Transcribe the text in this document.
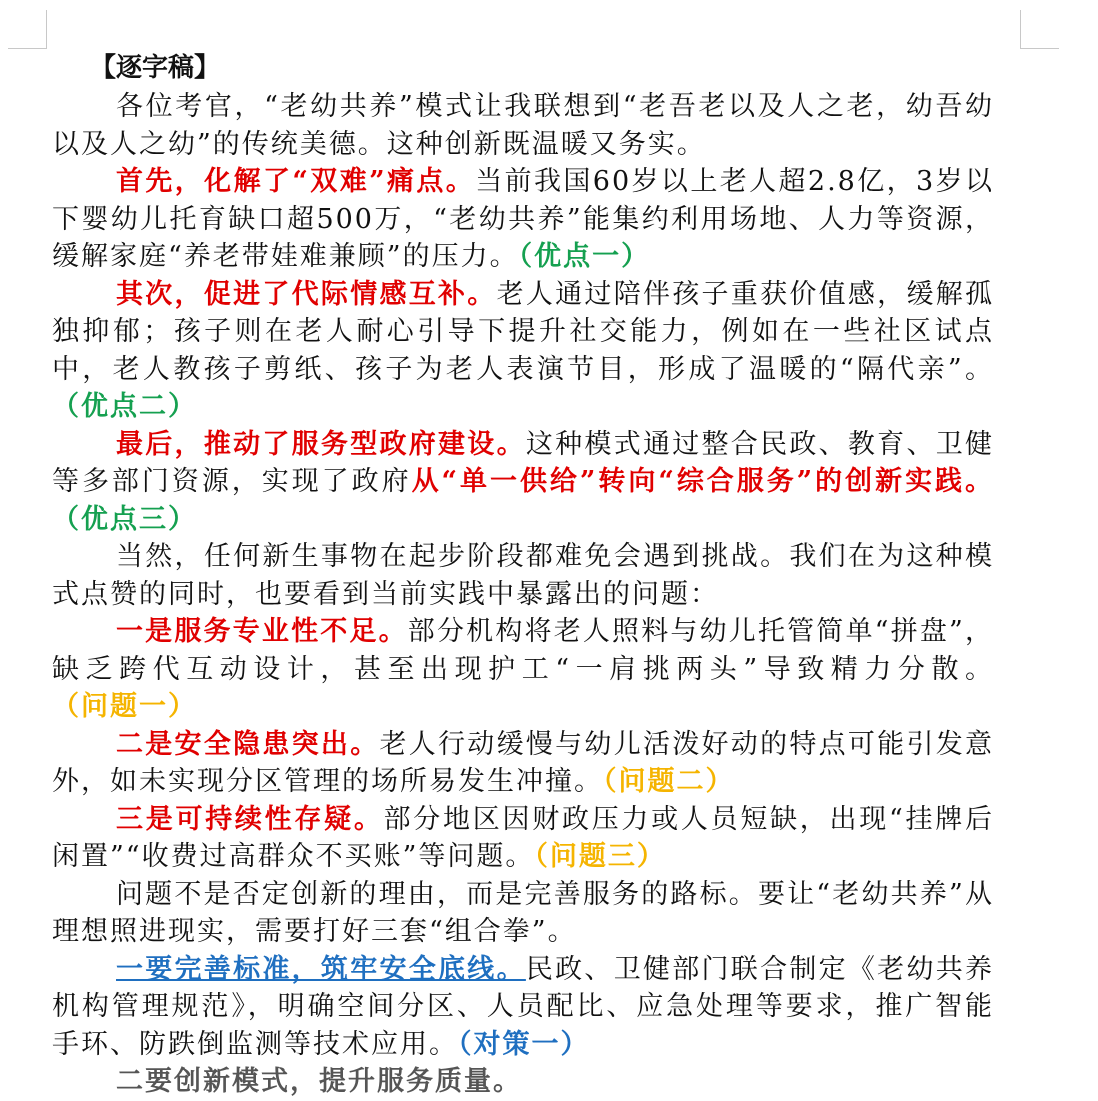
【逐字稿】

各位考官，“老幼共养”模式让我联想到“老吾老以及人之老，幼吾幼以及人之幼”的传统美德。这种创新既温暖又务实。

首先，化解了“双难”痛点。当前我国60岁以上老人超2.8亿，3岁以下婴幼儿托育缺口超500万，“老幼共养”能集约利用场地、人力等资源，缓解家庭“养老带娃难兼顾”的压力。（优点一）

其次，促进了代际情感互补。老人通过陪伴孩子重获价值感，缓解孤独抑郁；孩子则在老人耐心引导下提升社交能力，例如在一些社区试点中，老人教孩子剪纸、孩子为老人表演节目，形成了温暖的“隔代亲”。（优点二）

最后，推动了服务型政府建设。这种模式通过整合民政、教育、卫健等多部门资源，实现了政府从“单一供给”转向“综合服务”的创新实践。（优点三）

当然，任何新生事物在起步阶段都难免会遇到挑战。我们在为这种模式点赞的同时，也要看到当前实践中暴露出的问题：

一是服务专业性不足。部分机构将老人照料与幼儿托管简单“拼盘”，缺乏跨代互动设计，甚至出现护工“一肩挑两头”导致精力分散。（问题一）

二是安全隐患突出。老人行动缓慢与幼儿活泼好动的特点可能引发意外，如未实现分区管理的场所易发生冲撞。（问题二）

三是可持续性存疑。部分地区因财政压力或人员短缺，出现“挂牌后闲置”“收费过高群众不买账”等问题。（问题三）

问题不是否定创新的理由，而是完善服务的路标。要让“老幼共养”从理想照进现实，需要打好三套“组合拳”。

一要完善标准，筑牢安全底线。民政、卫健部门联合制定《老幼共养机构管理规范》，明确空间分区、人员配比、应急处理等要求，推广智能手环、防跌倒监测等技术应用。（对策一）

二要创新模式，提升服务质量。
